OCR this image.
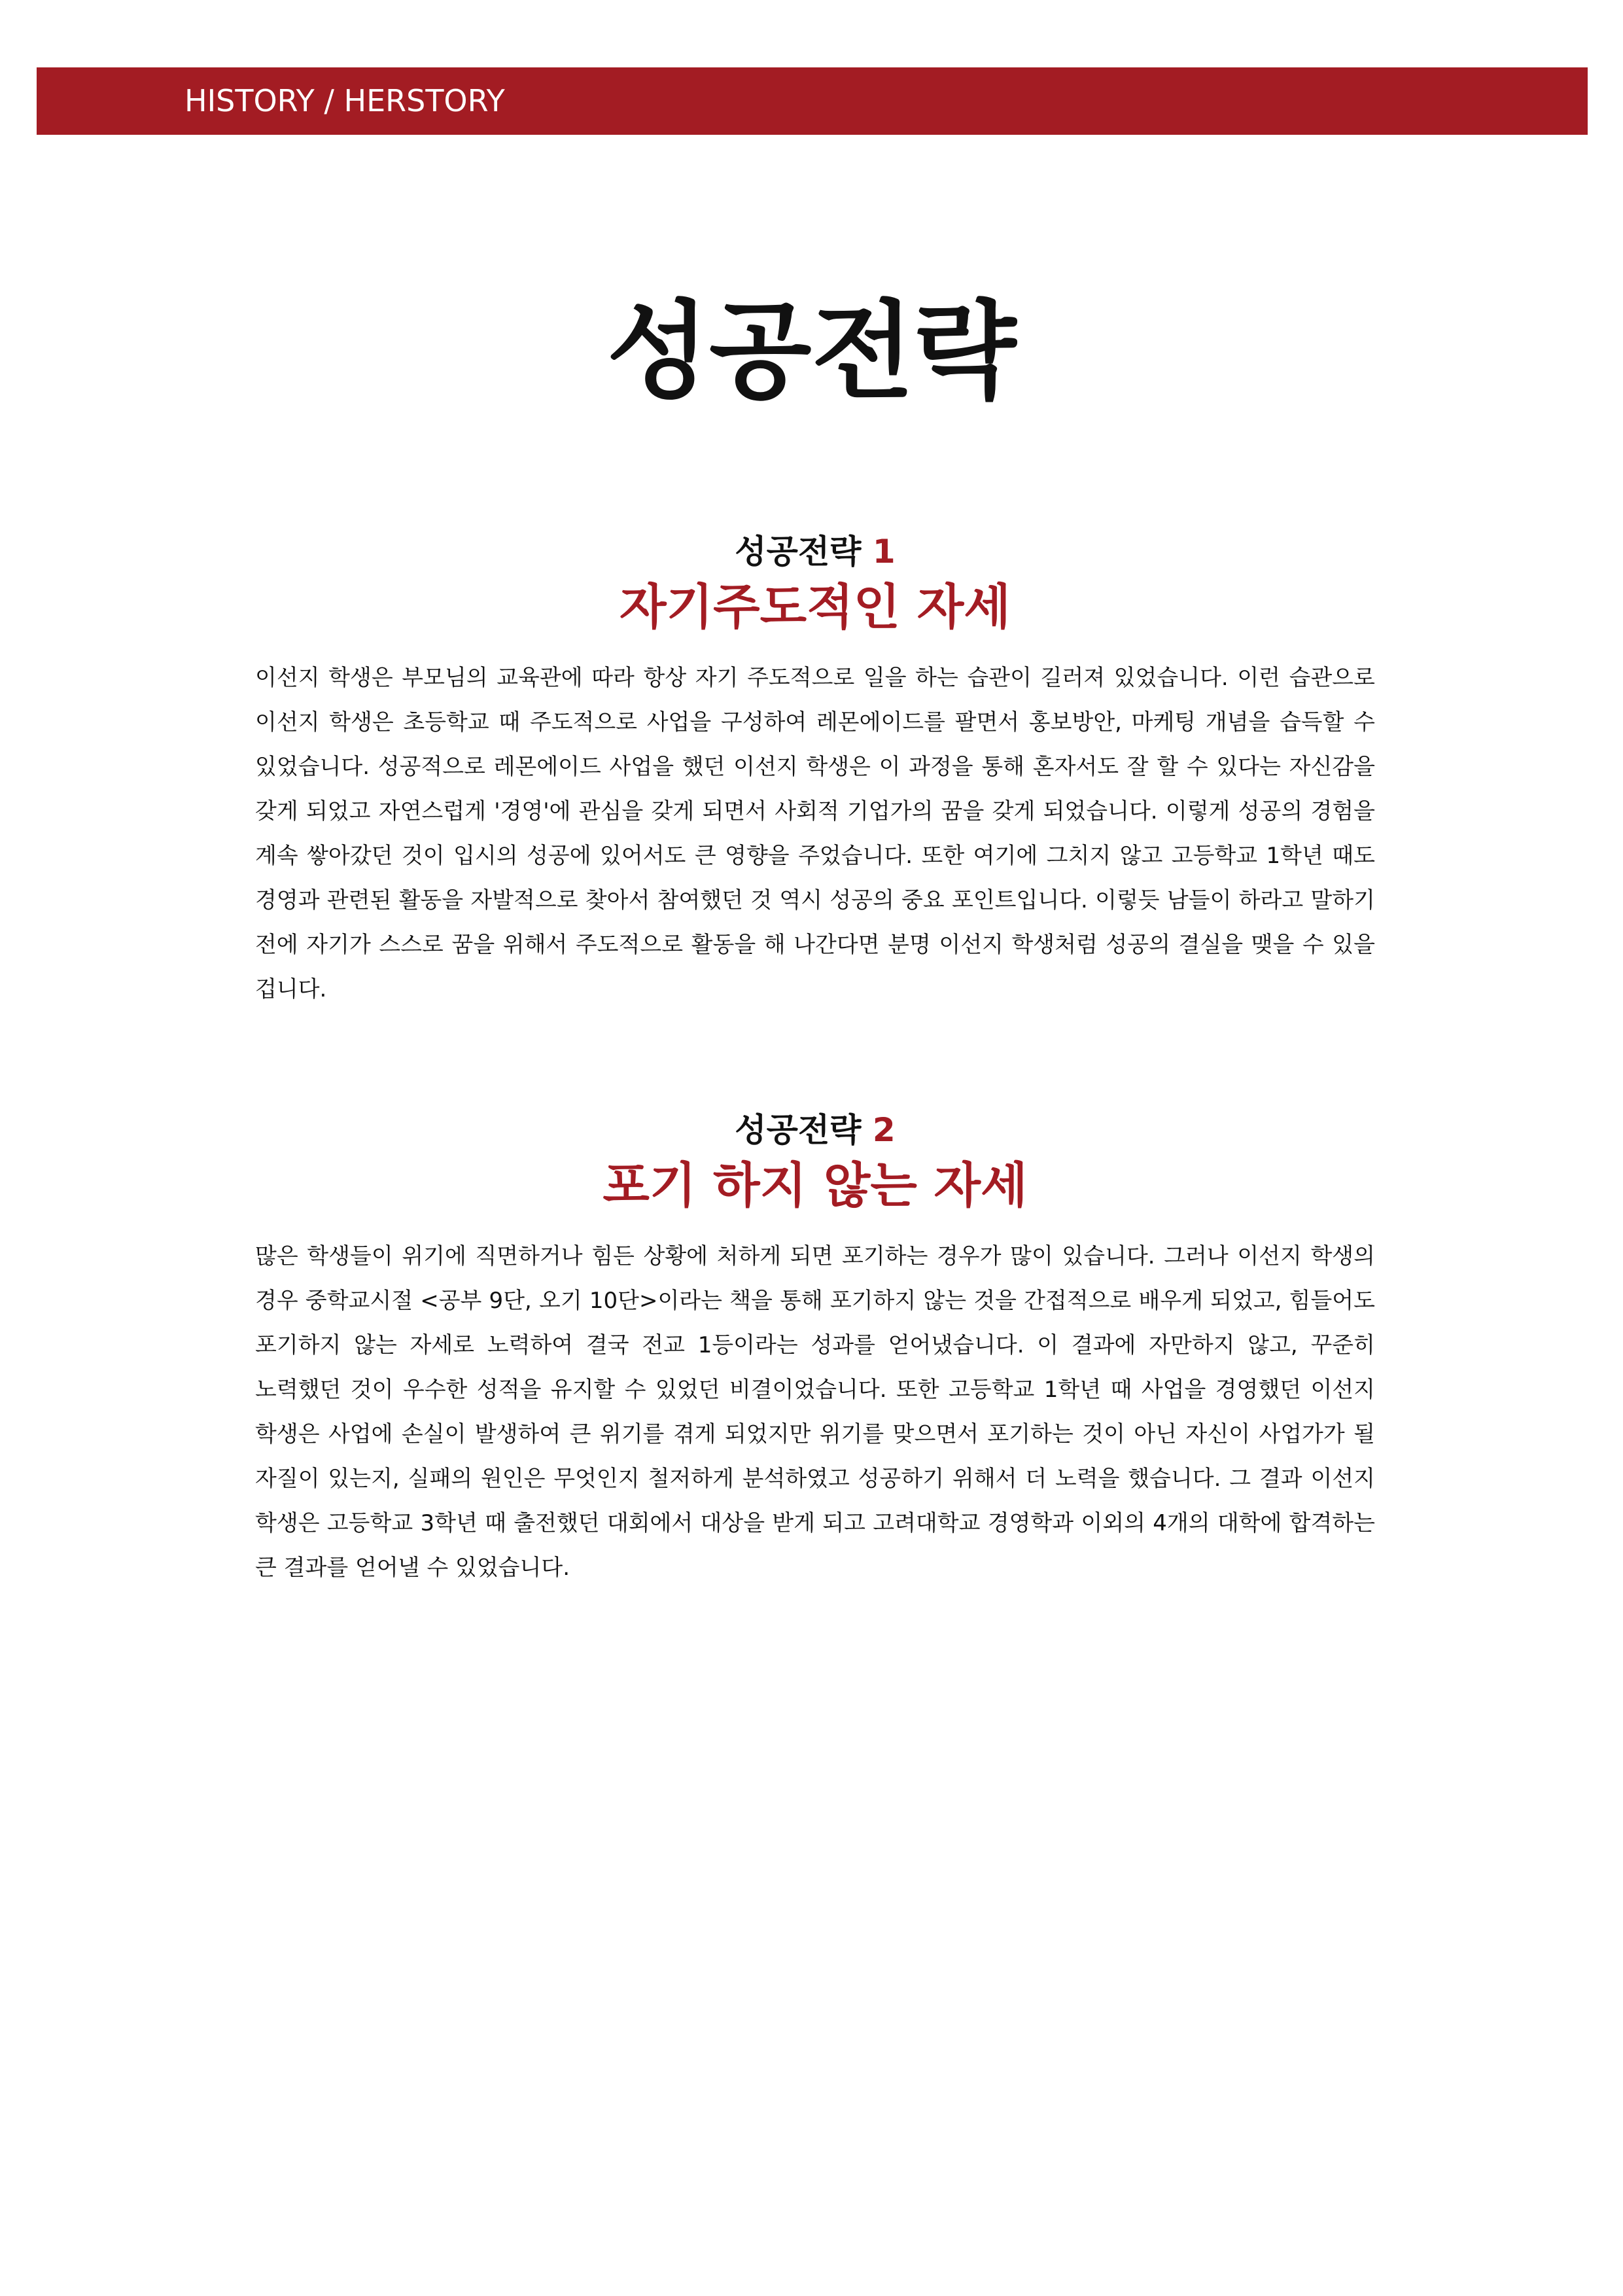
HISTORY / HERSTORY
성공전략
성공전략 1
자기주도적인 자세

이선지 학생은 부모님의 교육관에 따라 항상 자기 주도적으로 일을 하는 습관이 길러져 있었습니다. 이런 습관으로 이선지 학생은 초등학교 때 주도적으로 사업을 구성하여 레몬에이드를 팔면서 홍보방안, 마케팅 개념을 습득할 수 있었습니다. 성공적으로 레몬에이드 사업을 했던 이선지 학생은 이 과정을 통해 혼자서도 잘 할 수 있다는 자신감을 갖게 되었고 자연스럽게 '경영'에 관심을 갖게 되면서 사회적 기업가의 꿈을 갖게 되었습니다. 이렇게 성공의 경험을 계속 쌓아갔던 것이 입시의 성공에 있어서도 큰 영향을 주었습니다. 또한 여기에 그치지 않고 고등학교 1학년 때도 경영과 관련된 활동을 자발적으로 찾아서 참여했던 것 역시 성공의 중요 포인트입니다. 이렇듯 남들이 하라고 말하기 전에 자기가 스스로 꿈을 위해서 주도적으로 활동을 해 나간다면 분명 이선지 학생처럼 성공의 결실을 맺을 수 있을 겁니다.

성공전략 2
포기 하지 않는 자세

많은 학생들이 위기에 직면하거나 힘든 상황에 처하게 되면 포기하는 경우가 많이 있습니다. 그러나 이선지 학생의 경우 중학교시절 <공부 9단, 오기 10단>이라는 책을 통해 포기하지 않는 것을 간접적으로 배우게 되었고, 힘들어도 포기하지 않는 자세로 노력하여 결국 전교 1등이라는 성과를 얻어냈습니다. 이 결과에 자만하지 않고, 꾸준히 노력했던 것이 우수한 성적을 유지할 수 있었던 비결이었습니다. 또한 고등학교 1학년 때 사업을 경영했던 이선지 학생은 사업에 손실이 발생하여 큰 위기를 겪게 되었지만 위기를 맞으면서 포기하는 것이 아닌 자신이 사업가가 될 자질이 있는지, 실패의 원인은 무엇인지 철저하게 분석하였고 성공하기 위해서 더 노력을 했습니다. 그 결과 이선지 학생은 고등학교 3학년 때 출전했던 대회에서 대상을 받게 되고 고려대학교 경영학과 이외의 4개의 대학에 합격하는 큰 결과를 얻어낼 수 있었습니다.
